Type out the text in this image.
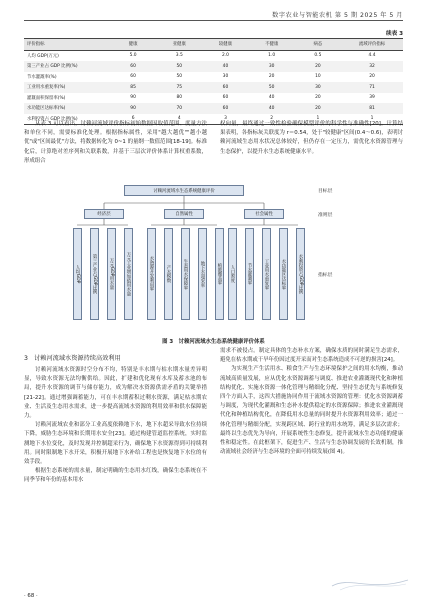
数字农业与智能农机 第 5 期 2025 年 5 月
续表 3
评价指标	健康	亚健康	较健康	不健康	病态	流域评价指标
人均 GDP(万元)	5.0	3.5	2.0	1.0	0.5	4.4
第三产业占 GDP 比例(%)	60	50	40	30	20	32
节水灌溉率(%)	60	50	30	20	10	20
工业用水重复率(%)	85	75	60	50	30	71
灌溉面积保留率(%)	90	80	60	40	20	39
水功能区达标率(%)	90	70	60	40	20	81
水利投资占 GDP 比例(%)	6	4	3	2	1	1

从表 3 可以看出，讨赖河流域评价指标初始数据因取值范围、度量方法和单位不同，需要标准化处理。根据指标属性，采用"越大越优""越小越优"或"区间最优"方法，将数据转化为 0~1 的量纲一数值范围[18-19]。标准化后，计算绝对差序列和关联系数，并基于三层次评价体系计算权重系数，形成组合

权向量，最终通过一致性检验确保模型评价的科学性与准确性[20]。计算结果表明，各指标灰关联度为 r＝0.54，处于"较健康"区间(0.4～0.6)，表明讨赖河流域生态用水状况总体较好，但仍存在一定压力，需优化水资源管理与生态保护，以提升水生态系统健康水平。

讨赖河流域水生态系统健康评价
经济层	自然属性	社会属性
人均GDP	第三产业占GDP比例	万元GDP用水量	万元工业增加值用水量	水资源开发利用率	产水模数	生态用水保障率	地下水超采率	植被覆盖率	人口密度	节水灌溉率	工业用水重复率	水功能区达标率	水利投资占GDP比例
目标层
准则层
指标层
图 3　讨赖河流域水生态系统健康评价体系
3　讨赖河流域水资源持续高效利用

讨赖河流域水资源时空分布不均，特别是丰水期与枯水期水量差异明显，导致水资源无法均衡供给。因此，扩建和优化现有水库及蓄水池的布局，提升水资源的调节与储存能力，成为解决水资源供需矛盾的关键举措[21-22]。通过增强调蓄能力，可在丰水期蓄积过剩水资源，满足枯水期农业、生活及生态用水需求，进一步提高流域水资源的利用效率和供水保障能力。

讨赖河流域农业和部分工业高度依赖地下水，地下水超采导致水位持续下降，威胁生态环境和长期用水安全[23]。通过构建管道监控系统，实时监测地下水位变化，及时发现并控制超采行为，确保地下水资源得到可持续利用。同时限制地下水开采，积极开展地下水补给工程也是恢复地下水位的有效手段。

根据生态系统的需水量，制定明确的生态用水红线，确保生态系统在不同季节和年份的基本用水

需求不被侵占。制定具体的生态补水方案，确保水质的同时满足生态需求，避免在枯水期或干旱年份因过度开采而对生态系统造成不可逆的损害[24]。

为实现生产生活用水、粮食生产与生态环境保护之间的用水均衡，推动流域高质量发展，应从优化水资源调蓄与调度、推进农业灌溉现代化和种植结构优化、实施水资源一体化管理与精细化分配、坚持生态优先与系统修复四个方面入手，这四大措施协同作用于流域水资源的管理：优化水资源调蓄与调度，为现代化灌溉和生态补水提供稳定的水资源保障；推进农业灌溉现代化和种植结构优化，在降低用水总量的同时提升水资源利用效率；通过一体化管理与精细分配，实现跨区域、跨行业的用水统筹，满足多层次需求；最终以生态优先为导向，开展系统性生态修复，提升流域水生态功能的健康性和稳定性。在此框架下，促进生产、生活与生态协调发展的长效机制，推动流域社会经济与生态环境的全面可持续发展(图 4)。

· 68 ·
